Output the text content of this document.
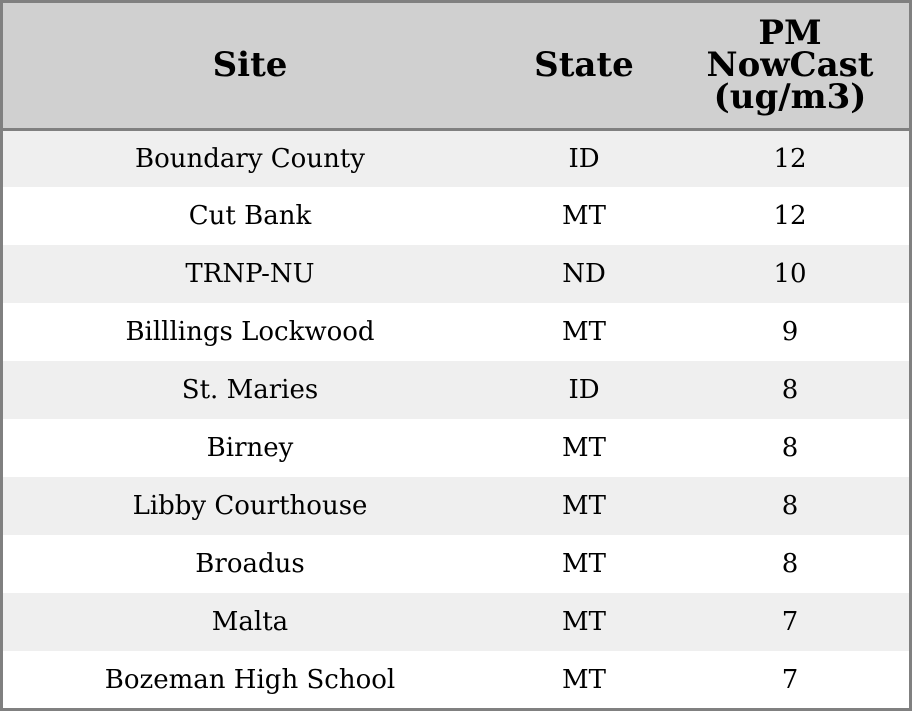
Site	State	PM
NowCast
(ug/m3)

Boundary County	ID	12
Cut Bank	MT	12
TRNP-NU	ND	10
Billlings Lockwood	MT	9
St. Maries	ID	8
Birney	MT	8
Libby Courthouse	MT	8
Broadus	MT	8
Malta	MT	7
Bozeman High School	MT	7
